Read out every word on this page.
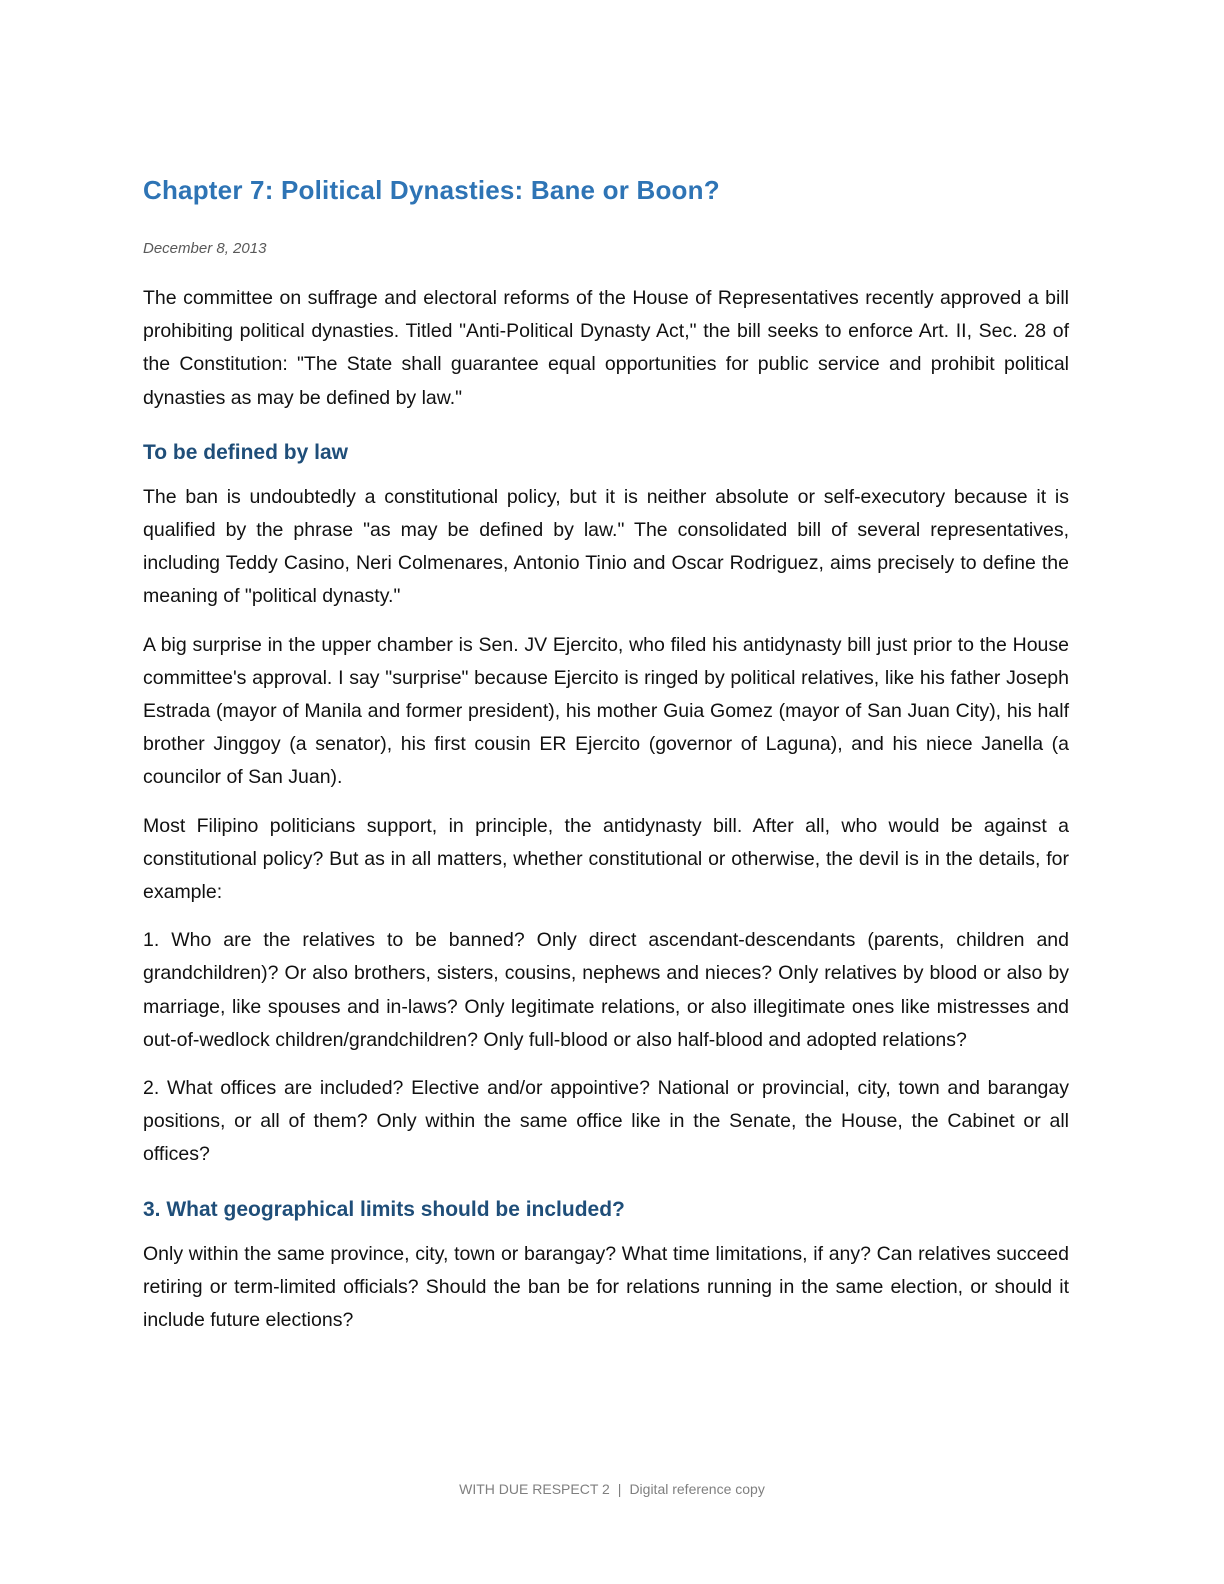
Chapter 7: Political Dynasties: Bane or Boon?
December 8, 2013

The committee on suffrage and electoral reforms of the House of Representatives recently approved a bill prohibiting political dynasties. Titled "Anti-Political Dynasty Act," the bill seeks to enforce Art. II, Sec. 28 of the Constitution: "The State shall guarantee equal opportunities for public service and prohibit political dynasties as may be defined by law."

To be defined by law

The ban is undoubtedly a constitutional policy, but it is neither absolute or self-executory because it is qualified by the phrase "as may be defined by law." The consolidated bill of several representatives, including Teddy Casino, Neri Colmenares, Antonio Tinio and Oscar Rodriguez, aims precisely to define the meaning of "political dynasty."

A big surprise in the upper chamber is Sen. JV Ejercito, who filed his antidynasty bill just prior to the House committee's approval. I say "surprise" because Ejercito is ringed by political relatives, like his father Joseph Estrada (mayor of Manila and former president), his mother Guia Gomez (mayor of San Juan City), his half brother Jinggoy (a senator), his first cousin ER Ejercito (governor of Laguna), and his niece Janella (a councilor of San Juan).

Most Filipino politicians support, in principle, the antidynasty bill. After all, who would be against a constitutional policy? But as in all matters, whether constitutional or otherwise, the devil is in the details, for example:

1. Who are the relatives to be banned? Only direct ascendant-descendants (parents, children and grandchildren)? Or also brothers, sisters, cousins, nephews and nieces? Only relatives by blood or also by marriage, like spouses and in-laws? Only legitimate relations, or also illegitimate ones like mistresses and out-of-wedlock children/grandchildren? Only full-blood or also half-blood and adopted relations?

2. What offices are included? Elective and/or appointive? National or provincial, city, town and barangay positions, or all of them? Only within the same office like in the Senate, the House, the Cabinet or all offices?

3. What geographical limits should be included?

Only within the same province, city, town or barangay? What time limitations, if any? Can relatives succeed retiring or term-limited officials? Should the ban be for relations running in the same election, or should it include future elections?

WITH DUE RESPECT 2 | Digital reference copy
